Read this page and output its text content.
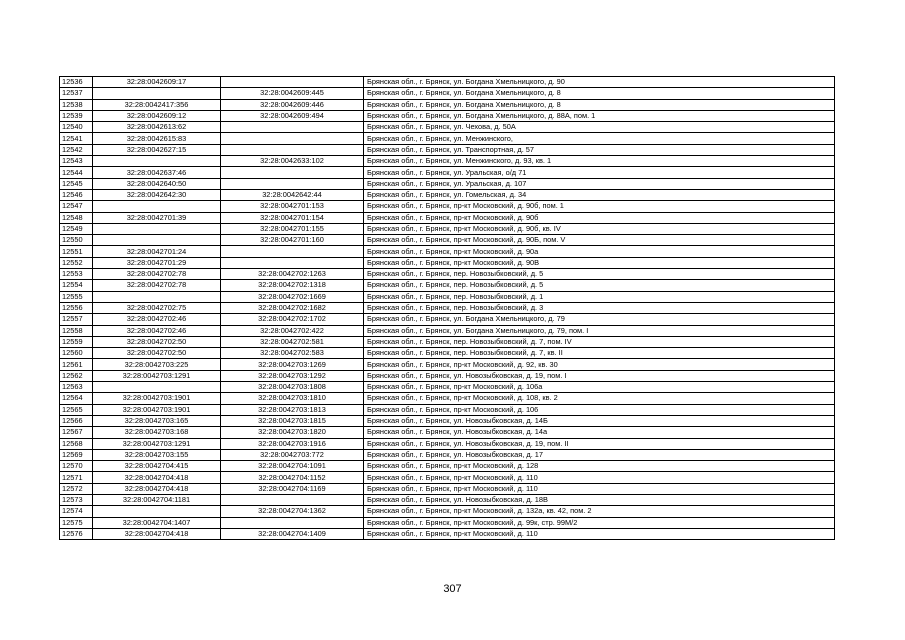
12536	32:28:0042609:17		Брянская обл., г. Брянск, ул. Богдана Хмельницкого, д. 90
12537		32:28:0042609:445	Брянская обл., г. Брянск, ул. Богдана Хмельницкого, д. 8
12538	32:28:0042417:356	32:28:0042609:446	Брянская обл., г. Брянск, ул. Богдана Хмельницкого, д. 8
12539	32:28:0042609:12	32:28:0042609:494	Брянская обл., г. Брянск, ул. Богдана Хмельницкого, д. 88А, пом. 1
12540	32:28:0042613:62		Брянская обл., г. Брянск, ул. Чехова, д. 50А
12541	32:28:0042615:83		Брянская обл., г. Брянск, ул. Менжинского,
12542	32:28:0042627:15		Брянская обл., г. Брянск, ул. Транспортная, д. 57
12543		32:28:0042633:102	Брянская обл., г. Брянск, ул. Менжинского, д. 93, кв. 1
12544	32:28:0042637:46		Брянская обл., г. Брянск, ул. Уральская, о/д 71
12545	32:28:0042640:50		Брянская обл., г. Брянск, ул. Уральская, д. 107
12546	32:28:0042642:30	32:28:0042642:44	Брянская обл., г. Брянск, ул. Гомельская, д. 34
12547		32:28:0042701:153	Брянская обл., г. Брянск, пр-кт Московский, д. 90б, пом. 1
12548	32:28:0042701:39	32:28:0042701:154	Брянская обл., г. Брянск, пр-кт Московский, д. 90б
12549		32:28:0042701:155	Брянская обл., г. Брянск, пр-кт Московский, д. 90б, кв. IV
12550		32:28:0042701:160	Брянская обл., г. Брянск, пр-кт Московский, д. 90Б, пом. V
12551	32:28:0042701:24		Брянская обл., г. Брянск, пр-кт Московский, д. 90а
12552	32:28:0042701:29		Брянская обл., г. Брянск, пр-кт Московский, д. 90В
12553	32:28:0042702:78	32:28:0042702:1263	Брянская обл., г. Брянск, пер. Новозыбковский, д. 5
12554	32:28:0042702:78	32:28:0042702:1318	Брянская обл., г. Брянск, пер. Новозыбковский, д. 5
12555		32:28:0042702:1669	Брянская обл., г. Брянск, пер. Новозыбковский, д. 1
12556	32:28:0042702:75	32:28:0042702:1682	Брянская обл., г. Брянск, пер. Новозыбковский, д. 3
12557	32:28:0042702:46	32:28:0042702:1702	Брянская обл., г. Брянск, ул. Богдана Хмельницкого, д. 79
12558	32:28:0042702:46	32:28:0042702:422	Брянская обл., г. Брянск, ул. Богдана Хмельницкого, д. 79, пом. I
12559	32:28:0042702:50	32:28:0042702:581	Брянская обл., г. Брянск, пер. Новозыбковский, д. 7, пом. IV
12560	32:28:0042702:50	32:28:0042702:583	Брянская обл., г. Брянск, пер. Новозыбковский, д. 7, кв. II
12561	32:28:0042703:225	32:28:0042703:1269	Брянская обл., г. Брянск, пр-кт Московский, д. 92, кв. 30
12562	32:28:0042703:1291	32:28:0042703:1292	Брянская обл., г. Брянск, ул. Новозыбковская, д. 19, пом. I
12563		32:28:0042703:1808	Брянская обл., г. Брянск, пр-кт Московский, д. 106а
12564	32:28:0042703:1901	32:28:0042703:1810	Брянская обл., г. Брянск, пр-кт Московский, д. 108, кв. 2
12565	32:28:0042703:1901	32:28:0042703:1813	Брянская обл., г. Брянск, пр-кт Московский, д. 106
12566	32:28:0042703:165	32:28:0042703:1815	Брянская обл., г. Брянск, ул. Новозыбковская, д. 14Б
12567	32:28:0042703:168	32:28:0042703:1820	Брянская обл., г. Брянск, ул. Новозыбковская, д. 14а
12568	32:28:0042703:1291	32:28:0042703:1916	Брянская обл., г. Брянск, ул. Новозыбковская, д. 19, пом. II
12569	32:28:0042703:155	32:28:0042703:772	Брянская обл., г. Брянск, ул. Новозыбковская, д. 17
12570	32:28:0042704:415	32:28:0042704:1091	Брянская обл., г. Брянск, пр-кт Московский, д. 128
12571	32:28:0042704:418	32:28:0042704:1152	Брянская обл., г. Брянск, пр-кт Московский, д. 110
12572	32:28:0042704:418	32:28:0042704:1169	Брянская обл., г. Брянск, пр-кт Московский, д. 110
12573	32:28:0042704:1181		Брянская обл., г. Брянск, ул. Новозыбковская, д. 18В
12574		32:28:0042704:1362	Брянская обл., г. Брянск, пр-кт Московский, д. 132а, кв. 42, пом. 2
12575	32:28:0042704:1407		Брянская обл., г. Брянск, пр-кт Московский, д. 99к, стр. 99М/2
12576	32:28:0042704:418	32:28:0042704:1409	Брянская обл., г. Брянск, пр-кт Московский, д. 110
307
